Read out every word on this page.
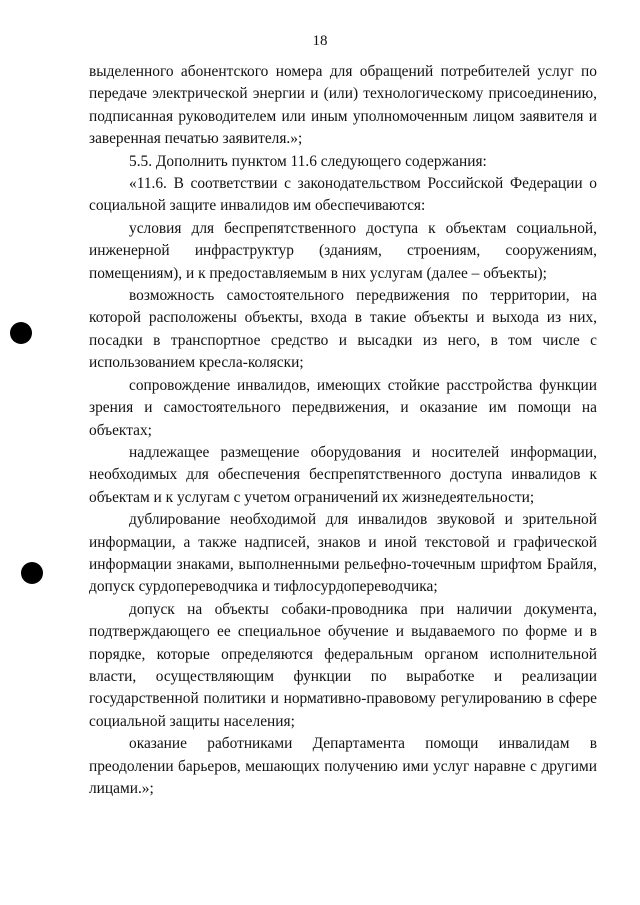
18

выделенного абонентского номера для обращений потребителей услуг по передаче электрической энергии и (или) технологическому присоединению, подписанная руководителем или иным уполномоченным лицом заявителя и заверенная печатью заявителя.»;

5.5. Дополнить пунктом 11.6 следующего содержания:

«11.6. В соответствии с законодательством Российской Федерации о социальной защите инвалидов им обеспечиваются:

условия для беспрепятственного доступа к объектам социальной, инженерной инфраструктур (зданиям, строениям, сооружениям, помещениям), и к предоставляемым в них услугам (далее – объекты);

возможность самостоятельного передвижения по территории, на которой расположены объекты, входа в такие объекты и выхода из них, посадки в транспортное средство и высадки из него, в том числе с использованием кресла-коляски;

сопровождение инвалидов, имеющих стойкие расстройства функции зрения и самостоятельного передвижения, и оказание им помощи на объектах;

надлежащее размещение оборудования и носителей информации, необходимых для обеспечения беспрепятственного доступа инвалидов к объектам и к услугам с учетом ограничений их жизнедеятельности;

дублирование необходимой для инвалидов звуковой и зрительной информации, а также надписей, знаков и иной текстовой и графической информации знаками, выполненными рельефно-точечным шрифтом Брайля, допуск сурдопереводчика и тифлосурдопереводчика;

допуск на объекты собаки-проводника при наличии документа, подтверждающего ее специальное обучение и выдаваемого по форме и в порядке, которые определяются федеральным органом исполнительной власти, осуществляющим функции по выработке и реализации государственной политики и нормативно-правовому регулированию в сфере социальной защиты населения;

оказание работниками Департамента помощи инвалидам в преодолении барьеров, мешающих получению ими услуг наравне с другими лицами.»;
